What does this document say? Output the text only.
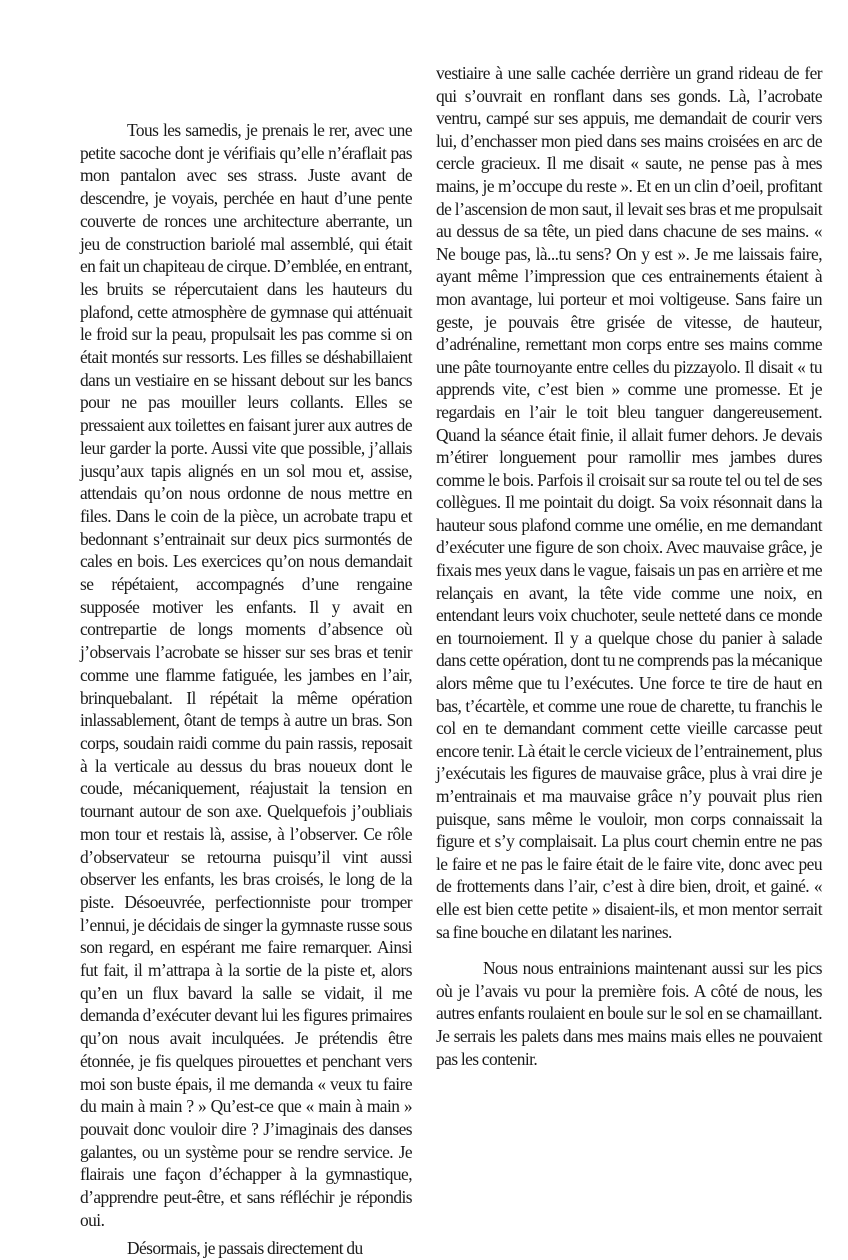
Tous les samedis, je prenais le rer, avec une petite sacoche dont je vérifiais qu’elle n’éraflait pas mon pantalon avec ses strass. Juste avant de descendre, je voyais, perchée en haut d’une pente couverte de ronces une architecture aberrante, un jeu de construction bariolé mal assemblé, qui était en fait un chapiteau de cirque. D’emblée, en entrant, les bruits se répercutaient dans les hauteurs du plafond, cette atmosphère de gymnase qui atténuait le froid sur la peau, propulsait les pas comme si on était montés sur ressorts. Les filles se déshabillaient dans un vestiaire en se hissant debout sur les bancs pour ne pas mouiller leurs collants. Elles se pressaient aux toilettes en faisant jurer aux autres de leur garder la porte. Aussi vite que possible, j’allais jusqu’aux tapis alignés en un sol mou et, assise, attendais qu’on nous ordonne de nous mettre en files. Dans le coin de la pièce, un acrobate trapu et bedonnant s’entrainait sur deux pics surmontés de cales en bois. Les exercices qu’on nous demandait se répétaient, accompagnés d’une rengaine supposée motiver les enfants. Il y avait en contrepartie de longs moments d’absence où j’observais l’acrobate se hisser sur ses bras et tenir comme une flamme fatiguée, les jambes en l’air, brinquebalant. Il répétait la même opération inlassablement, ôtant de temps à autre un bras. Son corps, soudain raidi comme du pain rassis, reposait à la verticale au dessus du bras noueux dont le coude, mécaniquement, réajustait la tension en tournant autour de son axe. Quelquefois j’oubliais mon tour et restais là, assise, à l’observer. Ce rôle d’observateur se retourna puisqu’il vint aussi observer les enfants, les bras croisés, le long de la piste. Désoeuvrée, perfectionniste pour tromper l’ennui, je décidais de singer la gymnaste russe sous son regard, en espérant me faire remarquer. Ainsi fut fait, il m’attrapa à la sortie de la piste et, alors qu’en un flux bavard la salle se vidait, il me demanda d’exécuter devant lui les figures primaires qu’on nous avait inculquées. Je prétendis être étonnée, je fis quelques pirouettes et penchant vers moi son buste épais, il me demanda « veux tu faire du main à main ? » Qu’est-ce que « main à main » pouvait donc vouloir dire ? J’imaginais des danses galantes, ou un système pour se rendre service. Je flairais une façon d’échapper à la gymnastique, d’apprendre peut-être, et sans réfléchir je répondis oui.

Désormais, je passais directement du

vestiaire à une salle cachée derrière un grand rideau de fer qui s’ouvrait en ronflant dans ses gonds. Là, l’acrobate ventru, campé sur ses appuis, me demandait de courir vers lui, d’enchasser mon pied dans ses mains croisées en arc de cercle gracieux. Il me disait « saute, ne pense pas à mes mains, je m’occupe du reste ». Et en un clin d’oeil, profitant de l’ascension de mon saut, il levait ses bras et me propulsait au dessus de sa tête, un pied dans chacune de ses mains. « Ne bouge pas, là...tu sens? On y est ». Je me laissais faire, ayant même l’impression que ces entrainements étaient à mon avantage, lui porteur et moi voltigeuse. Sans faire un geste, je pouvais être grisée de vitesse, de hauteur, d’adrénaline, remettant mon corps entre ses mains comme une pâte tournoyante entre celles du pizzayolo. Il disait « tu apprends vite, c’est bien » comme une promesse. Et je regardais en l’air le toit bleu tanguer dangereusement. Quand la séance était finie, il allait fumer dehors. Je devais m’étirer longuement pour ramollir mes jambes dures comme le bois. Parfois il croisait sur sa route tel ou tel de ses collègues. Il me pointait du doigt. Sa voix résonnait dans la hauteur sous plafond comme une omélie, en me demandant d’exécuter une figure de son choix. Avec mauvaise grâce, je fixais mes yeux dans le vague, faisais un pas en arrière et me relançais en avant, la tête vide comme une noix, en entendant leurs voix chuchoter, seule netteté dans ce monde en tournoiement. Il y a quelque chose du panier à salade dans cette opération, dont tu ne comprends pas la mécanique alors même que tu l’exécutes. Une force te tire de haut en bas, t’écartèle, et comme une roue de charette, tu franchis le col en te demandant comment cette vieille carcasse peut encore tenir. Là était le cercle vicieux de l’entrainement, plus j’exécutais les figures de mauvaise grâce, plus à vrai dire je m’entrainais et ma mauvaise grâce n’y pouvait plus rien puisque, sans même le vouloir, mon corps connaissait la figure et s’y complaisait. La plus court chemin entre ne pas le faire et ne pas le faire était de le faire vite, donc avec peu de frottements dans l’air, c’est à dire bien, droit, et gainé. « elle est bien cette petite » disaient-ils, et mon mentor serrait sa fine bouche en dilatant les narines.

Nous nous entrainions maintenant aussi sur les pics où je l’avais vu pour la première fois. A côté de nous, les autres enfants roulaient en boule sur le sol en se chamaillant. Je serrais les palets dans mes mains mais elles ne pouvaient pas les contenir.
